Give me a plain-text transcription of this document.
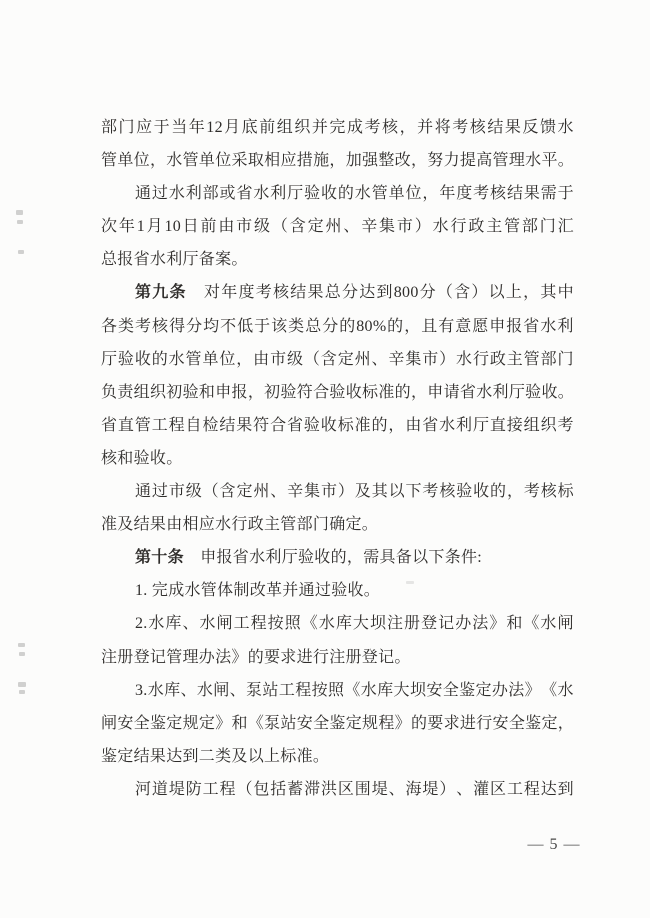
部 门 应 于 当 年 12 月 底 前 组 织 并 完 成 考 核 ， 并 将 考 核 结 果 反 馈 水
管 单 位 ， 水 管 单 位 采 取 相 应 措 施 ， 加 强 整 改 ， 努 力 提 高 管 理 水 平 。
通 过 水 利 部 或 省 水 利 厅 验 收 的 水 管 单 位 ， 年 度 考 核 结 果 需 于
次 年 1 月 10 日 前 由 市 级 （ 含 定 州 、 辛 集 市 ） 水 行 政 主 管 部 门 汇
总报省水利厅备案。
第 九 条
　 对 年 度 考 核 结 果 总 分 达 到 800 分 （ 含 ） 以 上 ， 其 中
各 类 考 核 得 分 均 不 低 于 该 类 总 分 的 80% 的 ， 且 有 意 愿 申 报 省 水 利
厅 验 收 的 水 管 单 位 ， 由 市 级 （ 含 定 州 、 辛 集 市 ） 水 行 政 主 管 部 门
负 责 组 织 初 验 和 申 报 ， 初 验 符 合 验 收 标 准 的 ， 申 请 省 水 利 厅 验 收 。
省 直 管 工 程 自 检 结 果 符 合 省 验 收 标 准 的 ， 由 省 水 利 厅 直 接 组 织 考
核和验收。
通 过 市 级 （ 含 定 州 、 辛 集 市 ） 及 其 以 下 考 核 验 收 的 ， 考 核 标
准及结果由相应水行政主管部门确定。
第十条　申报省水利厅验收的，需具备以下条件:
1. 完成水管体制改革并通过验收。
2. 水 库 、 水 闸 工 程 按 照 《 水 库 大 坝 注 册 登 记 办 法 》 和 《 水 闸
注册登记管理办法》的要求进行注册登记。
3. 水 库 、 水 闸 、 泵 站 工 程 按 照 《 水 库 大 坝 安 全 鉴 定 办 法 》 《 水
闸 安 全 鉴 定 规 定 》 和 《 泵 站 安 全 鉴 定 规 程 》 的 要 求 进 行 安 全 鉴 定 ，
鉴定结果达到二类及以上标准。
河 道 堤 防 工 程 （ 包 括 蓄 滞 洪 区 围 堤 、 海 堤 ） 、 灌 区 工 程 达 到
— 5 —
